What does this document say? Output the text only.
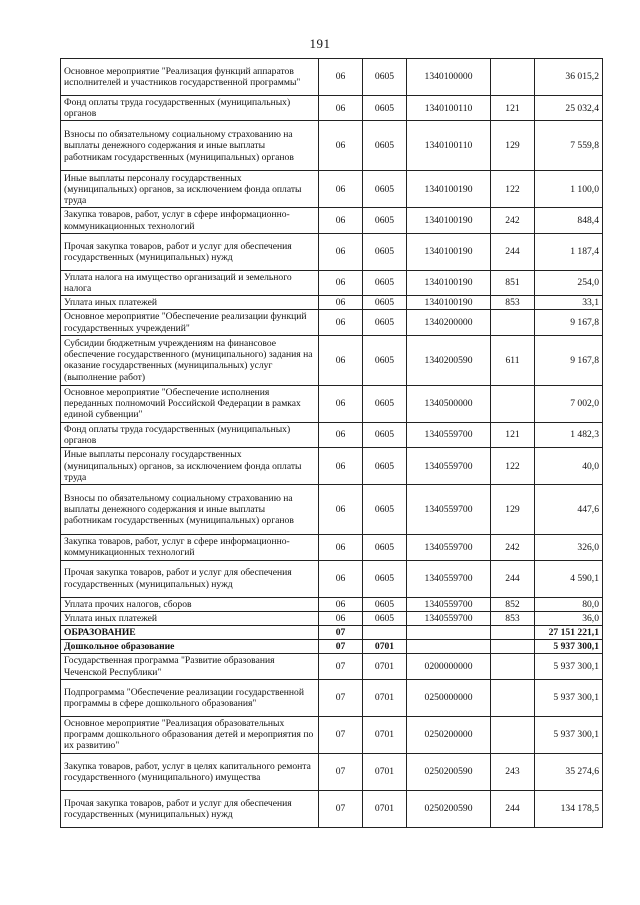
191
Основное мероприятие "Реализация функций аппаратов исполнителей и участников государственной программы"	06	0605	1340100000		36 015,2
Фонд оплаты труда государственных (муниципальных) органов	06	0605	1340100110	121	25 032,4
Взносы по обязательному социальному страхованию на выплаты денежного содержания и иные выплаты работникам государственных (муниципальных) органов	06	0605	1340100110	129	7 559,8
Иные выплаты персоналу государственных (муниципальных) органов, за исключением фонда оплаты труда	06	0605	1340100190	122	1 100,0
Закупка товаров, работ, услуг в сфере информационно-коммуникационных технологий	06	0605	1340100190	242	848,4
Прочая закупка товаров, работ и услуг для обеспечения государственных (муниципальных) нужд	06	0605	1340100190	244	1 187,4
Уплата налога на имущество организаций и земельного налога	06	0605	1340100190	851	254,0
Уплата иных платежей	06	0605	1340100190	853	33,1
Основное мероприятие "Обеспечение реализации функций государственных учреждений"	06	0605	1340200000		9 167,8
Субсидии бюджетным учреждениям на финансовое обеспечение государственного (муниципального) задания на оказание государственных (муниципальных) услуг (выполнение работ)	06	0605	1340200590	611	9 167,8
Основное мероприятие "Обеспечение исполнения переданных полномочий Российской Федерации в рамках единой субвенции"	06	0605	1340500000		7 002,0
Фонд оплаты труда государственных (муниципальных) органов	06	0605	1340559700	121	1 482,3
Иные выплаты персоналу государственных (муниципальных) органов, за исключением фонда оплаты труда	06	0605	1340559700	122	40,0
Взносы по обязательному социальному страхованию на выплаты денежного содержания и иные выплаты работникам государственных (муниципальных) органов	06	0605	1340559700	129	447,6
Закупка товаров, работ, услуг в сфере информационно-коммуникационных технологий	06	0605	1340559700	242	326,0
Прочая закупка товаров, работ и услуг для обеспечения государственных (муниципальных) нужд	06	0605	1340559700	244	4 590,1
Уплата прочих налогов, сборов	06	0605	1340559700	852	80,0
Уплата иных платежей	06	0605	1340559700	853	36,0
ОБРАЗОВАНИЕ	07				27 151 221,1
Дошкольное образование	07	0701			5 937 300,1
Государственная программа "Развитие образования Чеченской Республики"	07	0701	0200000000		5 937 300,1
Подпрограмма "Обеспечение реализации государственной программы в сфере дошкольного образования"	07	0701	0250000000		5 937 300,1
Основное мероприятие "Реализация образовательных программ дошкольного образования детей и мероприятия по их развитию"	07	0701	0250200000		5 937 300,1
Закупка товаров, работ, услуг в целях капитального ремонта государственного (муниципального) имущества	07	0701	0250200590	243	35 274,6
Прочая закупка товаров, работ и услуг для обеспечения государственных (муниципальных) нужд	07	0701	0250200590	244	134 178,5
